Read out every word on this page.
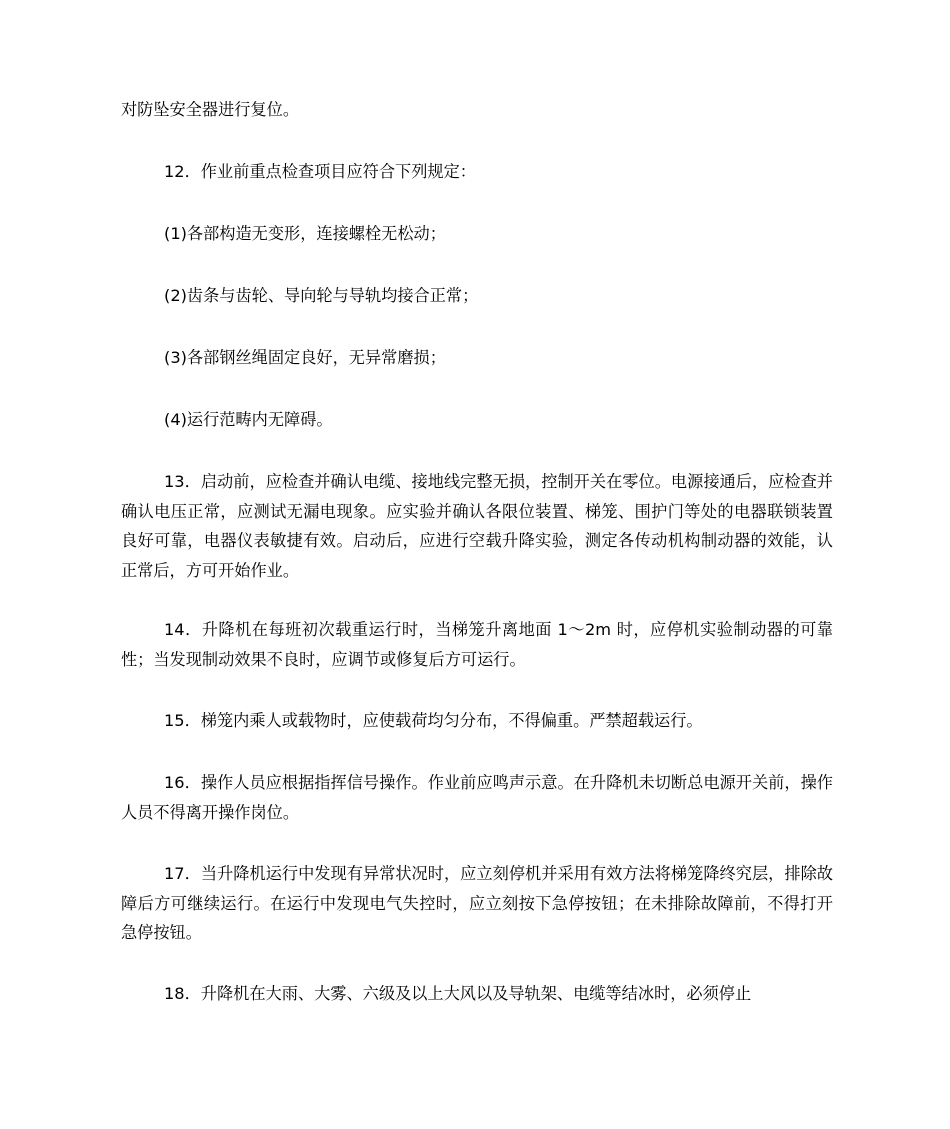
对防坠安全器进行复位。

12．作业前重点检查项目应符合下列规定：

(1)各部构造无变形，连接螺栓无松动；

(2)齿条与齿轮、导向轮与导轨均接合正常；

(3)各部钢丝绳固定良好，无异常磨损；

(4)运行范畴内无障碍。

13．启动前，应检查并确认电缆、接地线完整无损，控制开关在零位。电源接通后，应检查并确认电压正常，应测试无漏电现象。应实验并确认各限位装置、梯笼、围护门等处的电器联锁装置良好可靠，电器仪表敏捷有效。启动后，应进行空载升降实验，测定各传动机构制动器的效能，认正常后，方可开始作业。

14．升降机在每班初次载重运行时，当梯笼升离地面 1～2m 时，应停机实验制动器的可靠性；当发现制动效果不良时，应调节或修复后方可运行。

15．梯笼内乘人或载物时，应使载荷均匀分布，不得偏重。严禁超载运行。

16．操作人员应根据指挥信号操作。作业前应鸣声示意。在升降机未切断总电源开关前，操作人员不得离开操作岗位。

17．当升降机运行中发现有异常状况时，应立刻停机并采用有效方法将梯笼降终究层，排除故障后方可继续运行。在运行中发现电气失控时，应立刻按下急停按钮；在未排除故障前，不得打开急停按钮。

18．升降机在大雨、大雾、六级及以上大风以及导轨架、电缆等结冰时，必须停止
